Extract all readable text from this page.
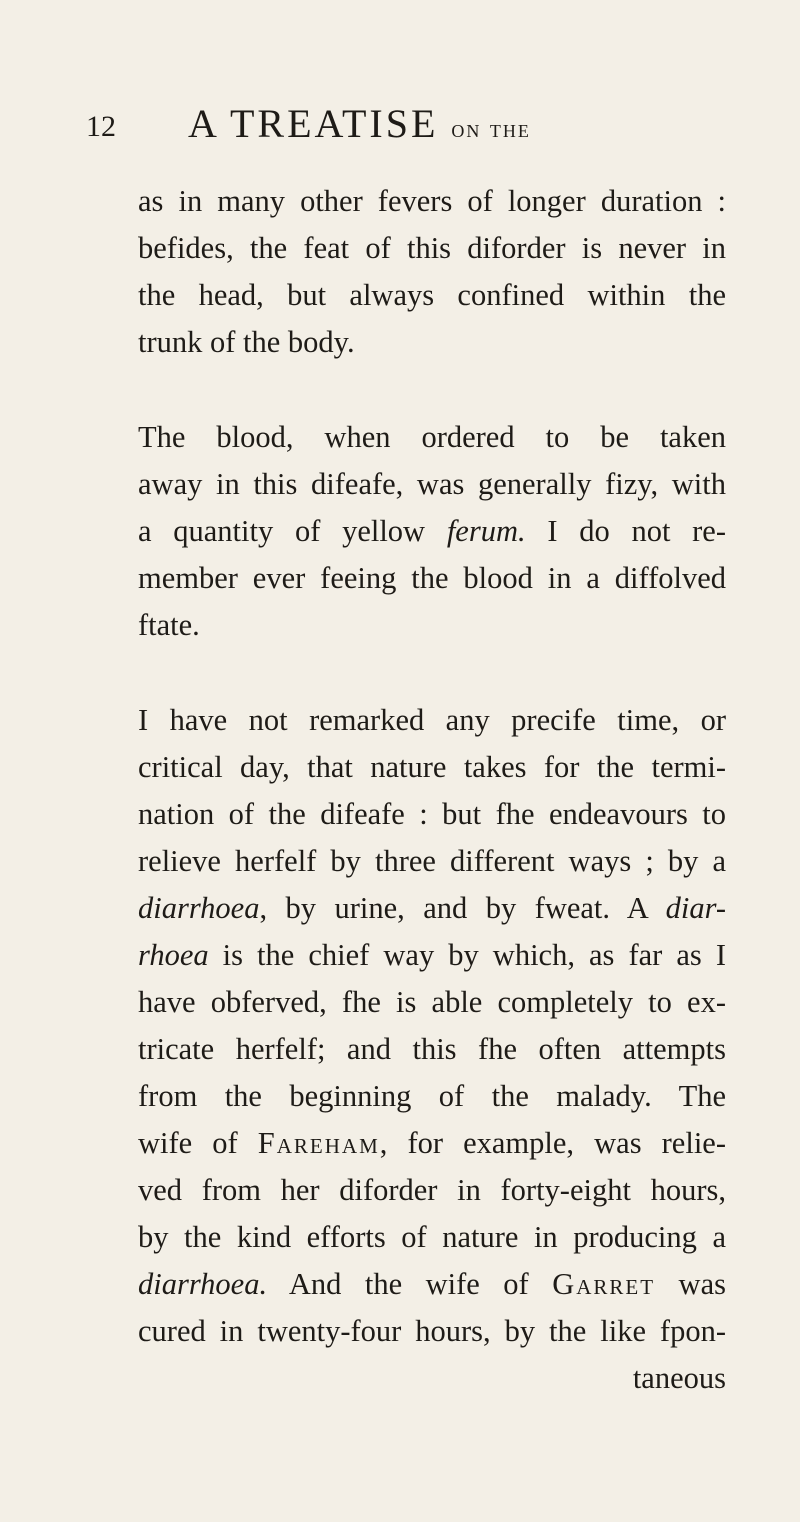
12 A TREATISE on the
as in many other fevers of longer duration :
befides, the feat of this diforder is never in
the head, but always confined within the
trunk of the body.
The blood, when ordered to be taken
away in this difeafe, was generally fizy, with
a quantity of yellow ferum. I do not re-
member ever feeing the blood in a diffolved
ftate.
I have not remarked any precife time, or
critical day, that nature takes for the termi-
nation of the difeafe : but fhe endeavours to
relieve herfelf by three different ways ; by a
diarrhoea, by urine, and by fweat. A diar-
rhoea is the chief way by which, as far as I
have obferved, fhe is able completely to ex-
tricate herfelf; and this fhe often attempts
from the beginning of the malady. The
wife of Fareham, for example, was relie-
ved from her diforder in forty-eight hours,
by the kind efforts of nature in producing a
diarrhoea. And the wife of Garret was
cured in twenty-four hours, by the like fpon-
taneous
